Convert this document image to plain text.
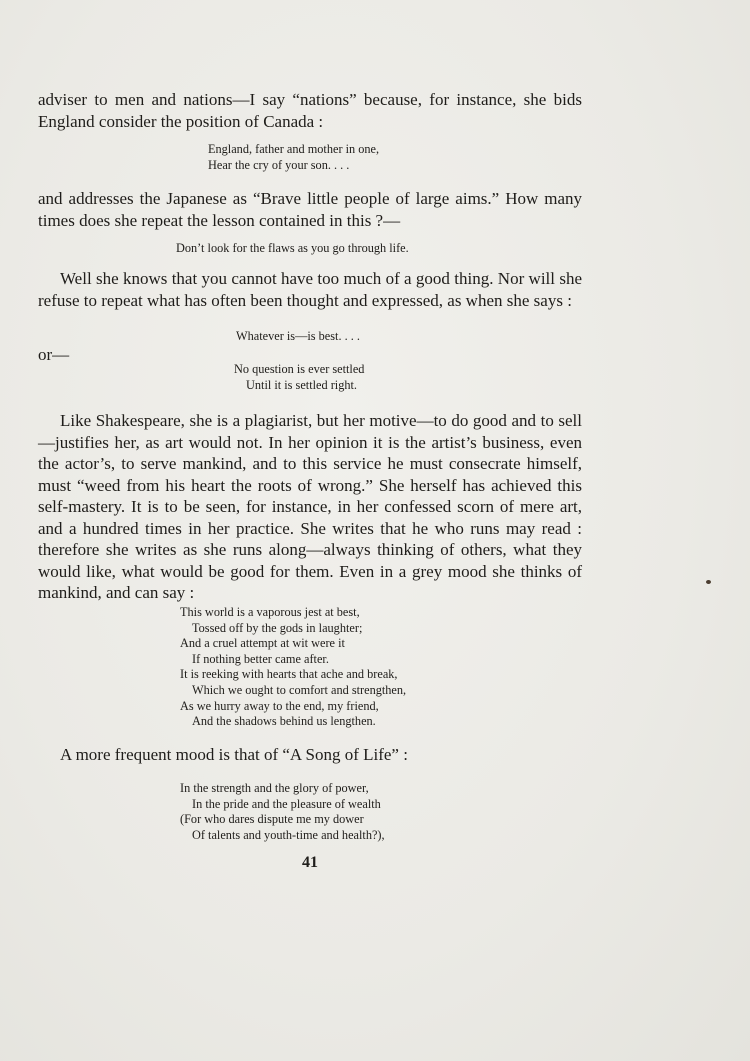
adviser to men and nations—I say “nations” because, for instance, she bids England consider the position of Canada :

England, father and mother in one,
Hear the cry of your son. . . .

and addresses the Japanese as “Brave little people of large aims.” How many times does she repeat the lesson contained in this ?—

Don’t look for the flaws as you go through life.

Well she knows that you cannot have too much of a good thing. Nor will she refuse to repeat what has often been thought and expressed, as when she says :

Whatever is—is best. . . .

or—

No question is ever settled
Until it is settled right.

Like Shakespeare, she is a plagiarist, but her motive—to do good and to sell—justifies her, as art would not. In her opinion it is the artist’s business, even the actor’s, to serve mankind, and to this service he must consecrate himself, must “weed from his heart the roots of wrong.” She herself has achieved this self-mastery. It is to be seen, for instance, in her confessed scorn of mere art, and a hundred times in her practice. She writes that he who runs may read : therefore she writes as she runs along—always thinking of others, what they would like, what would be good for them. Even in a grey mood she thinks of mankind, and can say :

This world is a vaporous jest at best,
Tossed off by the gods in laughter;
And a cruel attempt at wit were it
If nothing better came after.
It is reeking with hearts that ache and break,
Which we ought to comfort and strengthen,
As we hurry away to the end, my friend,
And the shadows behind us lengthen.

A more frequent mood is that of “A Song of Life” :

In the strength and the glory of power,
In the pride and the pleasure of wealth
(For who dares dispute me my dower
Of talents and youth-time and health?),
41
